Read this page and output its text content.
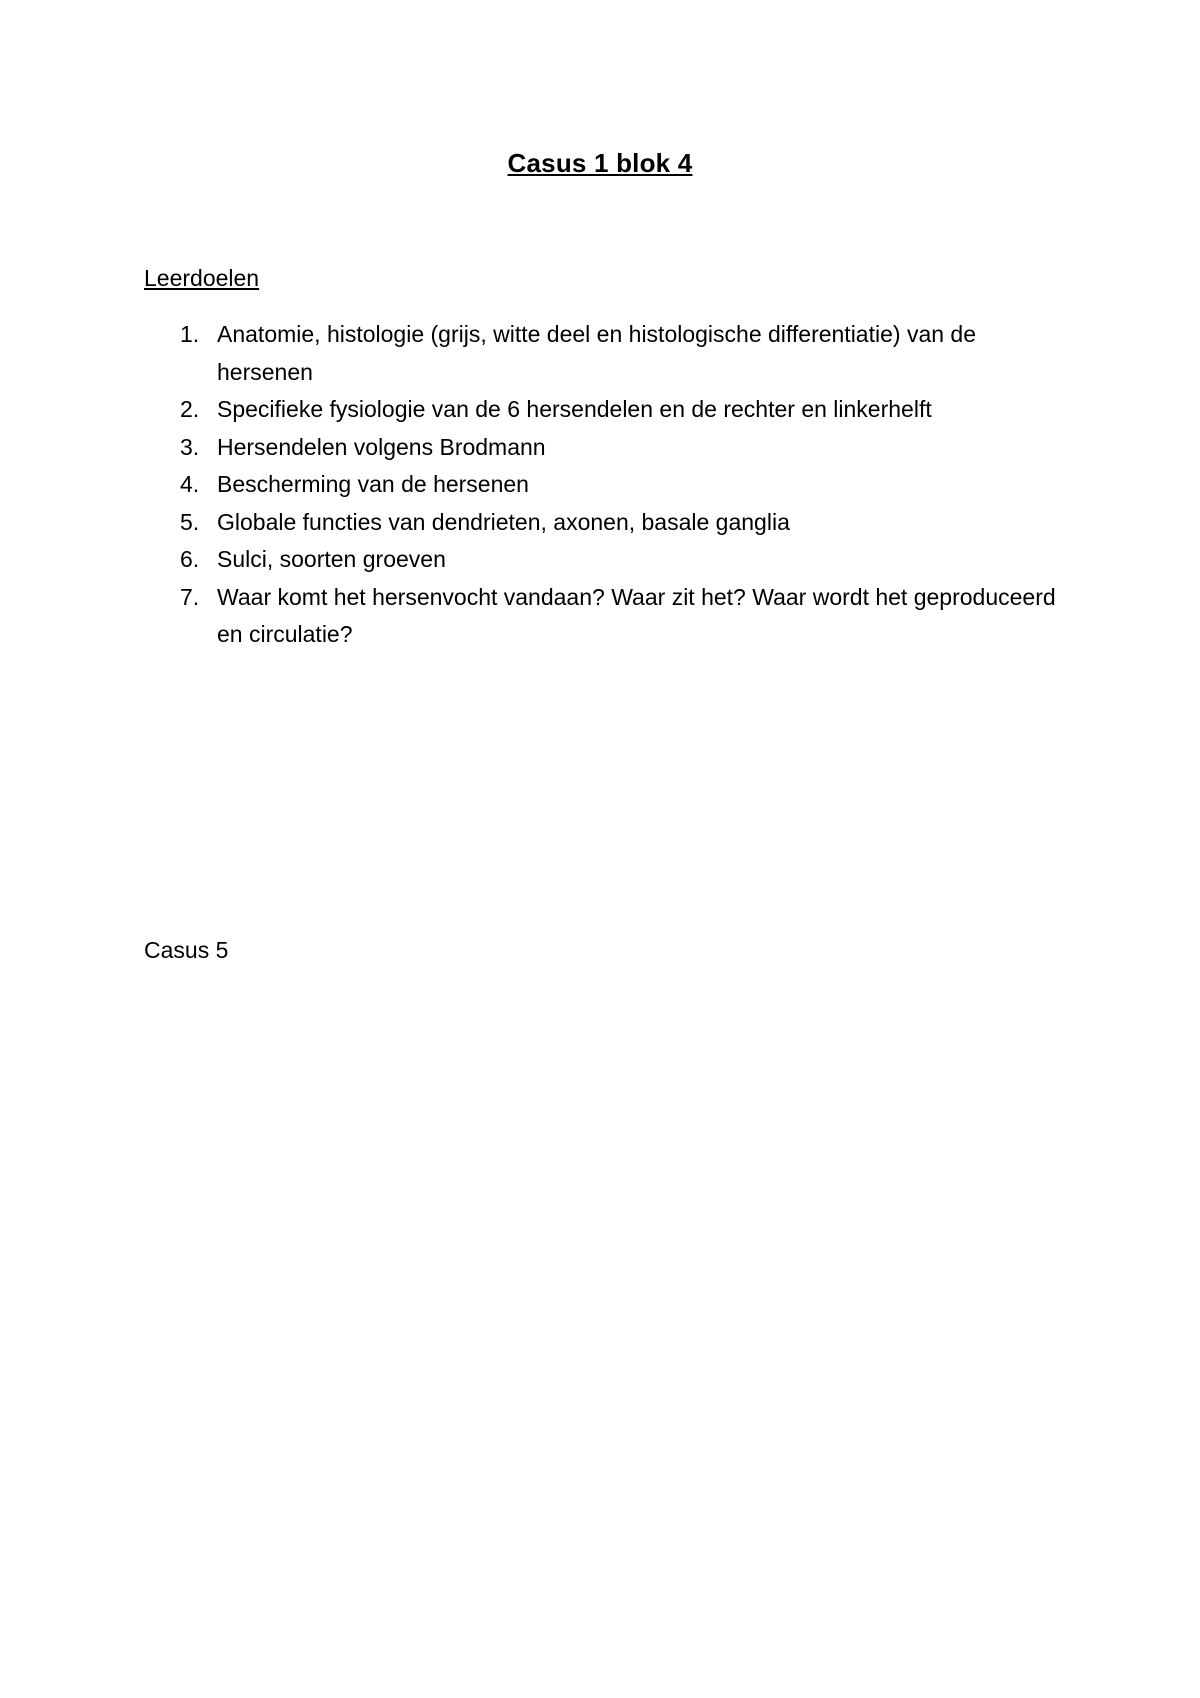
Casus 1 blok 4
Leerdoelen
1. Anatomie, histologie (grijs, witte deel en histologische differentiatie) van de hersenen
2. Specifieke fysiologie van de 6 hersendelen en de rechter en linkerhelft
3. Hersendelen volgens Brodmann
4. Bescherming van de hersenen
5. Globale functies van dendrieten, axonen, basale ganglia
6. Sulci, soorten groeven
7. Waar komt het hersenvocht vandaan? Waar zit het? Waar wordt het geproduceerd en circulatie?
Casus 5
